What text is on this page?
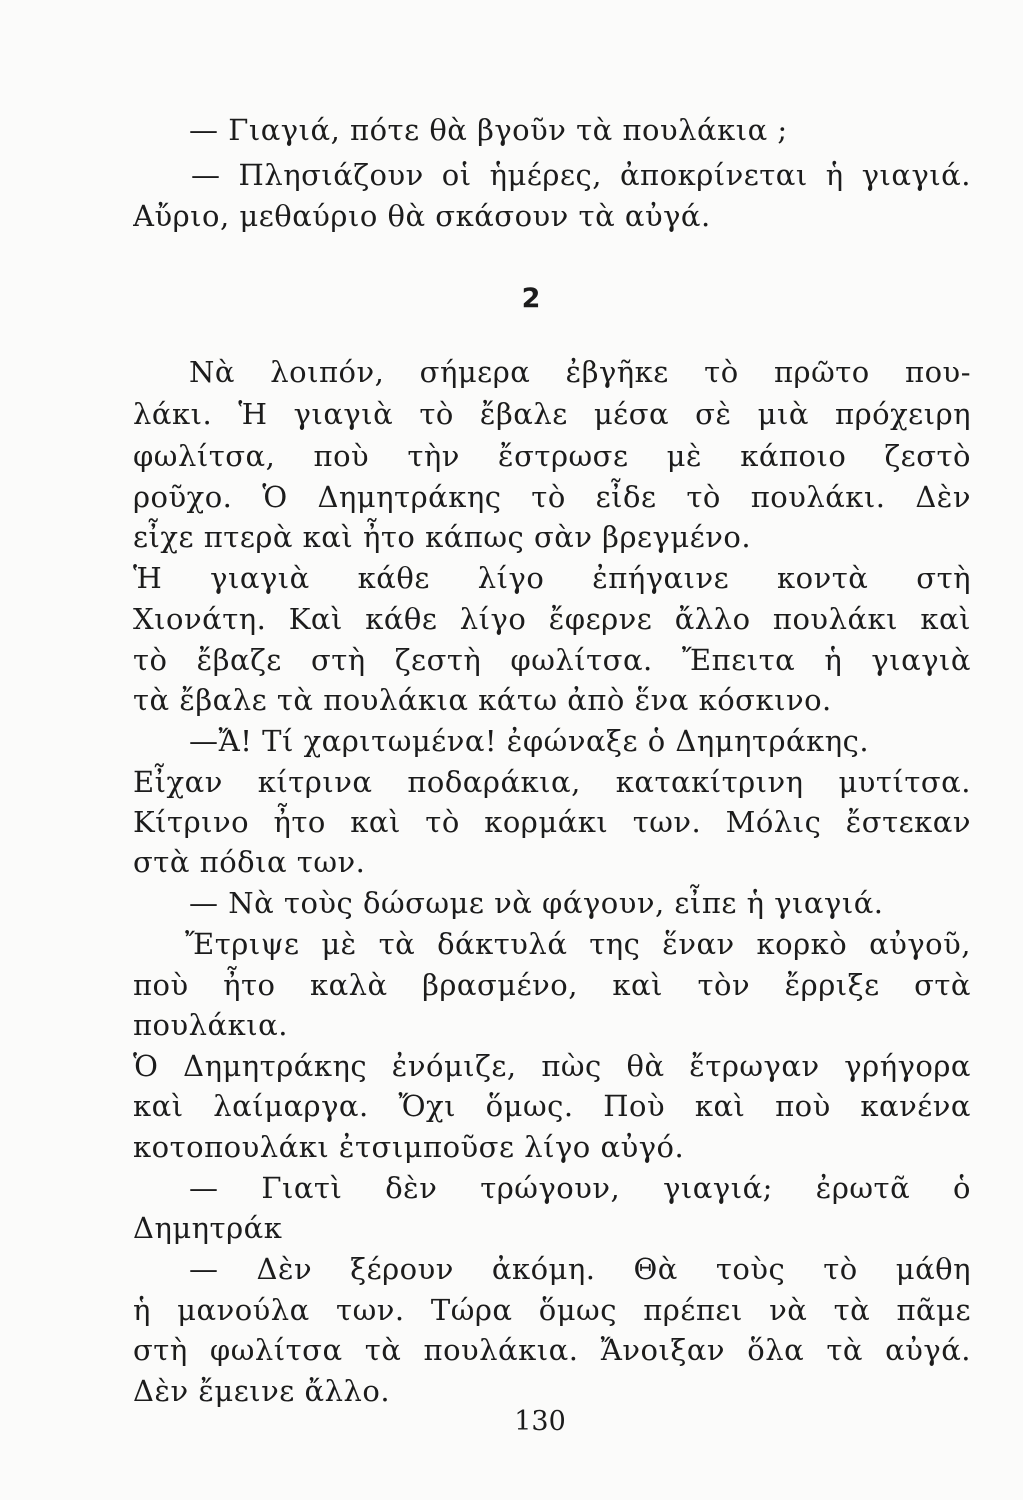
— Γιαγιά, πότε θὰ βγοῦν τὰ πουλάκια ;
— Πλησιάζουν οἱ ἡμέρες, ἀποκρίνεται ἡ γιαγιά.
Αὔριο, μεθαύριο θὰ σκάσουν τὰ αὐγά.
2
Νὰ λοιπόν, σήμερα ἐβγῆκε τὸ πρῶτο που-
λάκι. Ἡ γιαγιὰ τὸ ἔβαλε μέσα σὲ μιὰ πρόχειρη
φωλίτσα, ποὺ τὴν ἔστρωσε μὲ κάποιο ζεστὸ
ροῦχο. Ὁ Δημητράκης τὸ εἶδε τὸ πουλάκι. Δὲν
εἶχε πτερὰ καὶ ἦτο κάπως σὰν βρεγμένο.
Ἡ γιαγιὰ κάθε λίγο ἐπήγαινε κοντὰ στὴ
Χιονάτη. Καὶ κάθε λίγο ἔφερνε ἄλλο πουλάκι καὶ
τὸ ἔβαζε στὴ ζεστὴ φωλίτσα. Ἔπειτα ἡ γιαγιὰ
τὰ ἔβαλε τὰ πουλάκια κάτω ἀπὸ ἕνα κόσκινο.
—Ἄ! Τί χαριτωμένα! ἐφώναξε ὁ Δημητράκης.
Εἶχαν κίτρινα ποδαράκια, κατακίτρινη μυτίτσα.
Κίτρινο ἦτο καὶ τὸ κορμάκι των. Μόλις ἔστεκαν
στὰ πόδια των.
— Νὰ τοὺς δώσωμε νὰ φάγουν, εἶπε ἡ γιαγιά.
Ἔτριψε μὲ τὰ δάκτυλά της ἕναν κορκὸ αὐγοῦ,
ποὺ ἦτο καλὰ βρασμένο, καὶ τὸν ἔρριξε στὰ
πουλάκια.
Ὁ Δημητράκης ἐνόμιζε, πὼς θὰ ἔτρωγαν γρήγορα
καὶ λαίμαργα. Ὄχι ὅμως. Ποὺ καὶ ποὺ κανένα
κοτοπουλάκι ἐτσιμποῦσε λίγο αὐγό.
— Γιατὶ δὲν τρώγουν, γιαγιά; ἐρωτᾶ ὁ
Δημητράκ
— Δὲν ξέρουν ἀκόμη. Θὰ τοὺς τὸ μάθη
ἡ μανούλα των. Τώρα ὅμως πρέπει νὰ τὰ πᾶμε
στὴ φωλίτσα τὰ πουλάκια. Ἄνοιξαν ὅλα τὰ αὐγά.
Δὲν ἔμεινε ἄλλο.
130
